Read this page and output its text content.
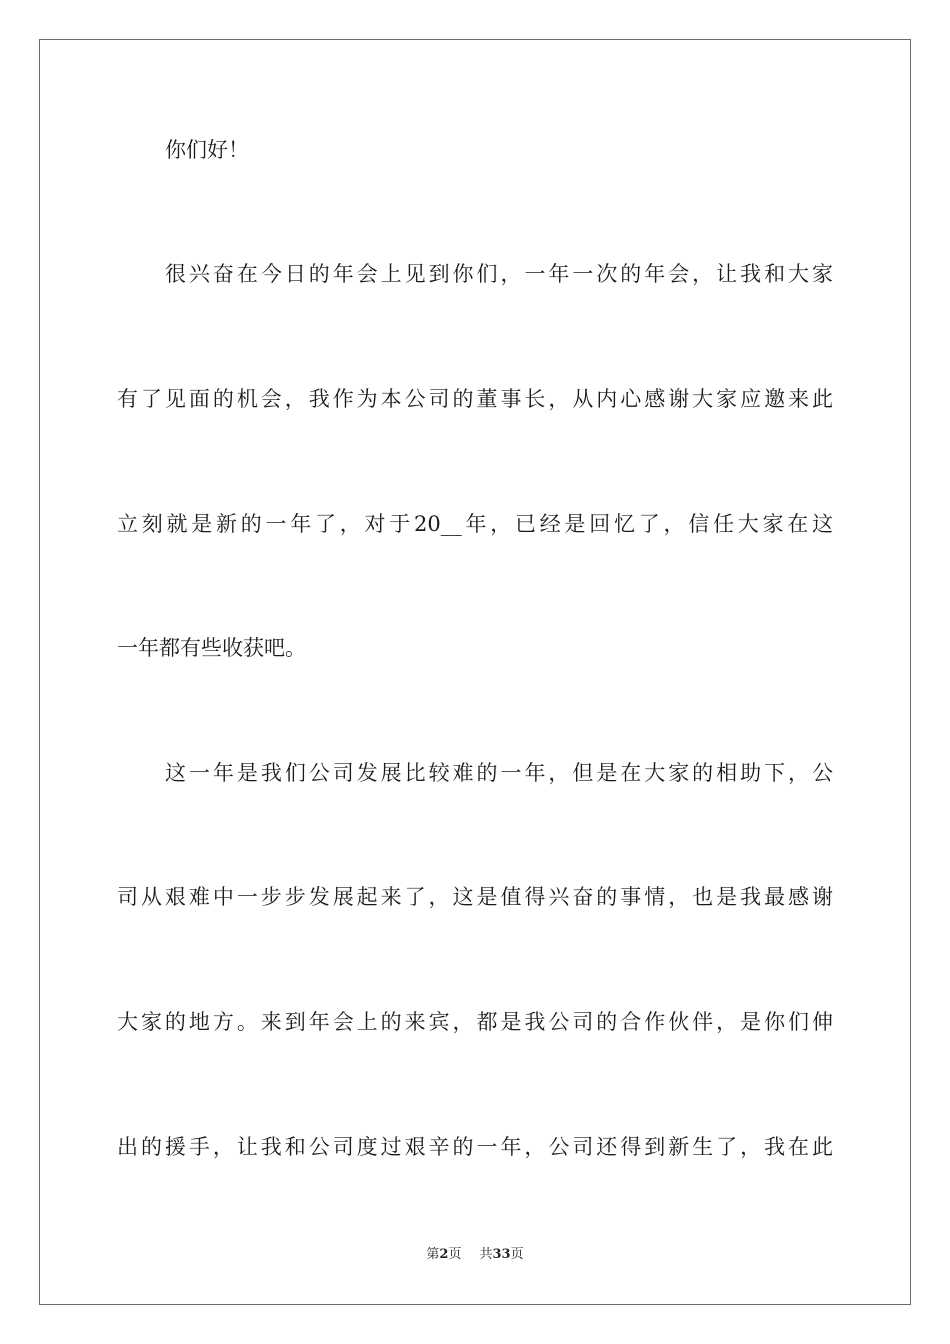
你们好！
很兴奋在今日的年会上见到你们，一年一次的年会，让我和大家
有了见面的机会，我作为本公司的董事长，从内心感谢大家应邀来此
立刻就是新的一年了，对于20__年，已经是回忆了，信任大家在这
一年都有些收获吧。
这一年是我们公司发展比较难的一年，但是在大家的相助下，公
司从艰难中一步步发展起来了，这是值得兴奋的事情，也是我最感谢
大家的地方。来到年会上的来宾，都是我公司的合作伙伴，是你们伸
出的援手，让我和公司度过艰辛的一年，公司还得到新生了，我在此
第2页 共33页
